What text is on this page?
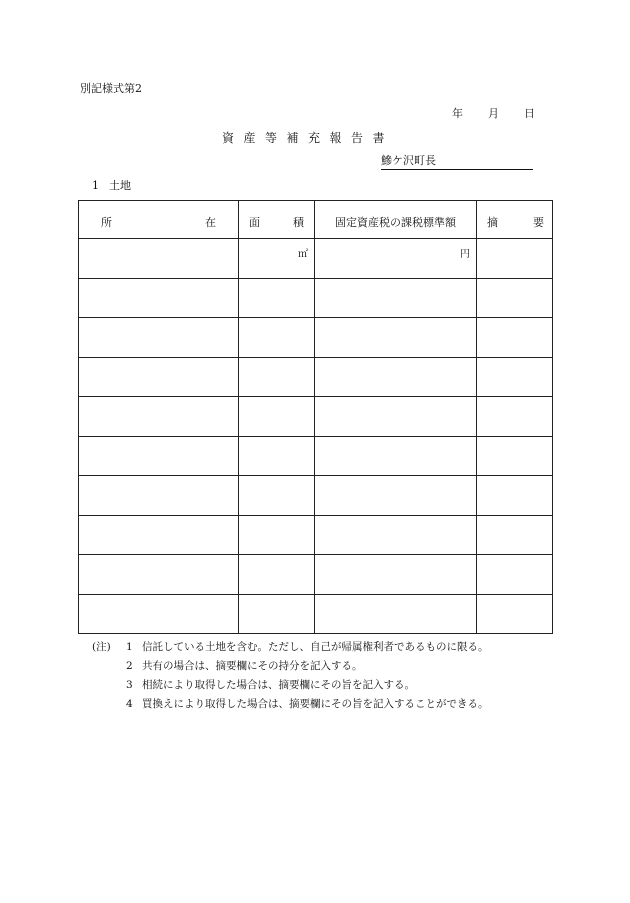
別記様式第2
年 月 日
資産等補充報告書
鰺ケ沢町長
1 土地
所 在	面 積	固定資産税の課税標準額	摘 要

	㎡	円	

(注) 1 信託している土地を含む。ただし、自己が帰属権利者であるものに限る。
2 共有の場合は、摘要欄にその持分を記入する。
3 相続により取得した場合は、摘要欄にその旨を記入する。
4 買換えにより取得した場合は、摘要欄にその旨を記入することができる。
